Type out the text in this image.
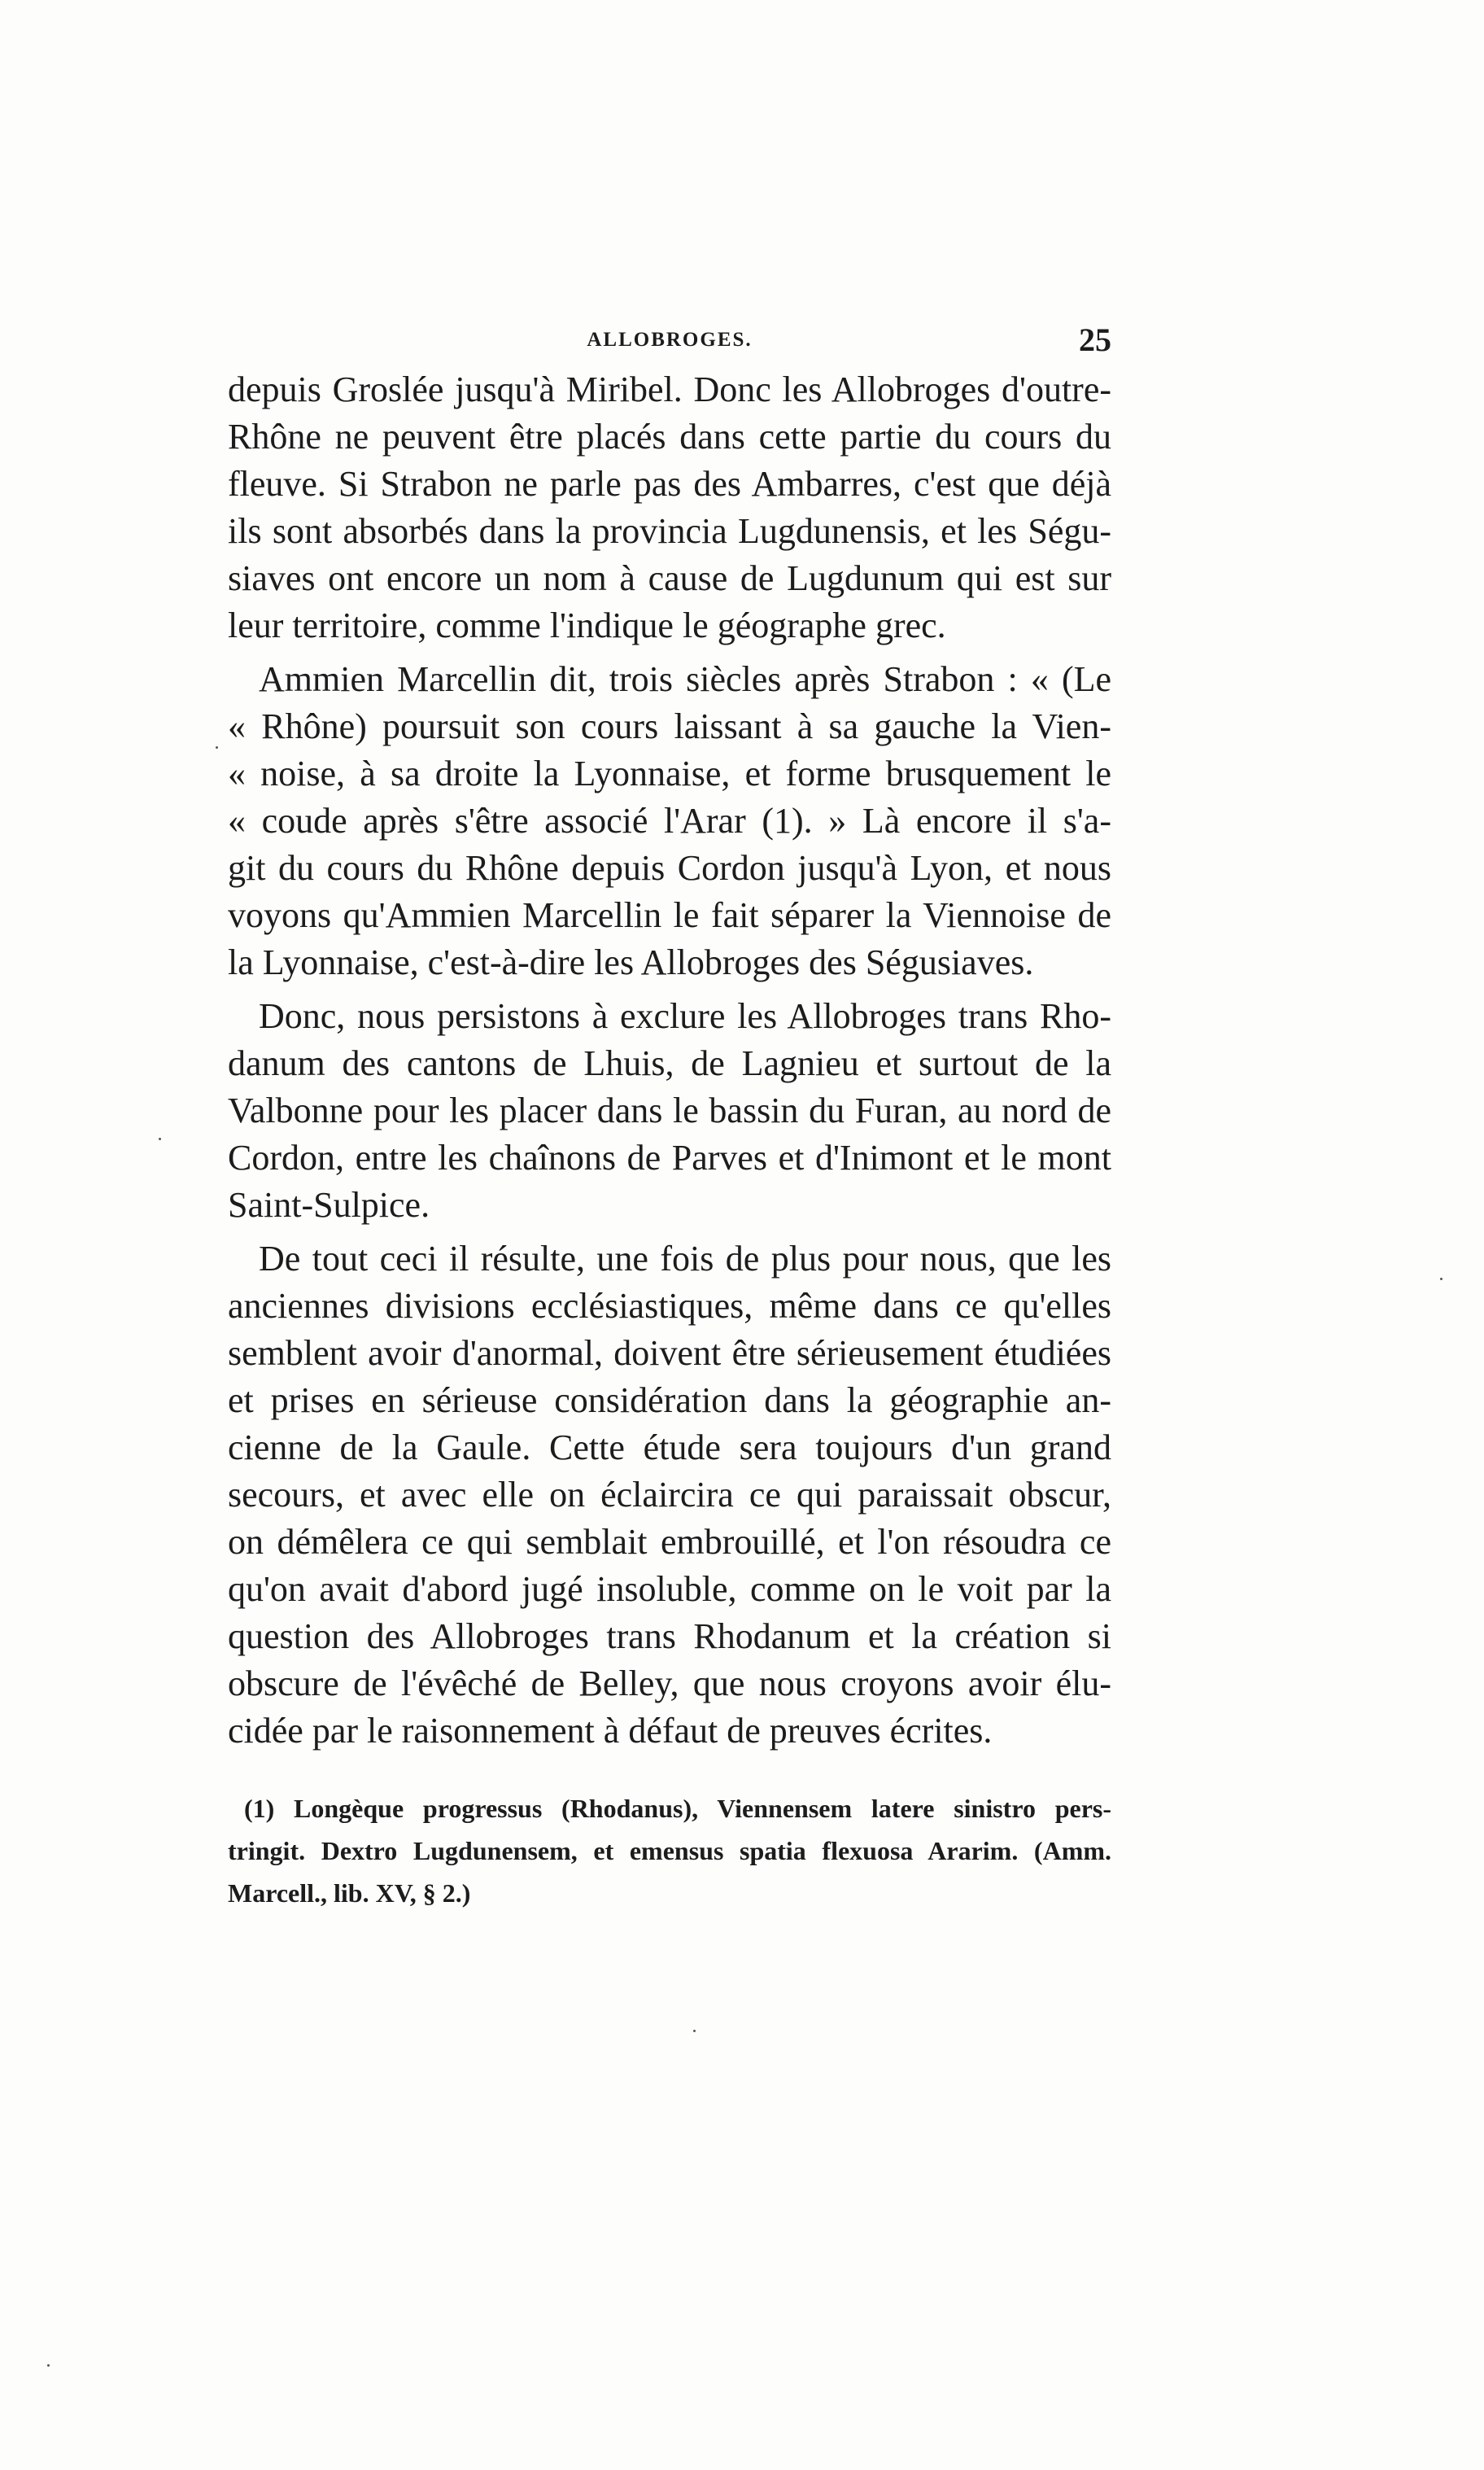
ALLOBROGES.	25
depuis Groslée jusqu'à Miribel. Donc les Allobroges d'outre-
Rhône ne peuvent être placés dans cette partie du cours du
fleuve. Si Strabon ne parle pas des Ambarres, c'est que déjà
ils sont absorbés dans la provincia Lugdunensis, et les Ségu-
siaves ont encore un nom à cause de Lugdunum qui est sur
leur territoire, comme l'indique le géographe grec.
Ammien Marcellin dit, trois siècles après Strabon : « (Le
« Rhône) poursuit son cours laissant à sa gauche la Vien-
« noise, à sa droite la Lyonnaise, et forme brusquement le
« coude après s'être associé l'Arar (1). » Là encore il s'a-
git du cours du Rhône depuis Cordon jusqu'à Lyon, et nous
voyons qu'Ammien Marcellin le fait séparer la Viennoise de
la Lyonnaise, c'est-à-dire les Allobroges des Ségusiaves.
Donc, nous persistons à exclure les Allobroges trans Rho-
danum des cantons de Lhuis, de Lagnieu et surtout de la
Valbonne pour les placer dans le bassin du Furan, au nord de
Cordon, entre les chaînons de Parves et d'Inimont et le mont
Saint-Sulpice.
De tout ceci il résulte, une fois de plus pour nous, que les
anciennes divisions ecclésiastiques, même dans ce qu'elles
semblent avoir d'anormal, doivent être sérieusement étudiées
et prises en sérieuse considération dans la géographie an-
cienne de la Gaule. Cette étude sera toujours d'un grand
secours, et avec elle on éclaircira ce qui paraissait obscur,
on démêlera ce qui semblait embrouillé, et l'on résoudra ce
qu'on avait d'abord jugé insoluble, comme on le voit par la
question des Allobroges trans Rhodanum et la création si
obscure de l'évêché de Belley, que nous croyons avoir élu-
cidée par le raisonnement à défaut de preuves écrites.
(1) Longèque progressus (Rhodanus), Viennensem latere sinistro pers-
tringit. Dextro Lugdunensem, et emensus spatia flexuosa Ararim. (Amm.
Marcell., lib. XV, § 2.)
